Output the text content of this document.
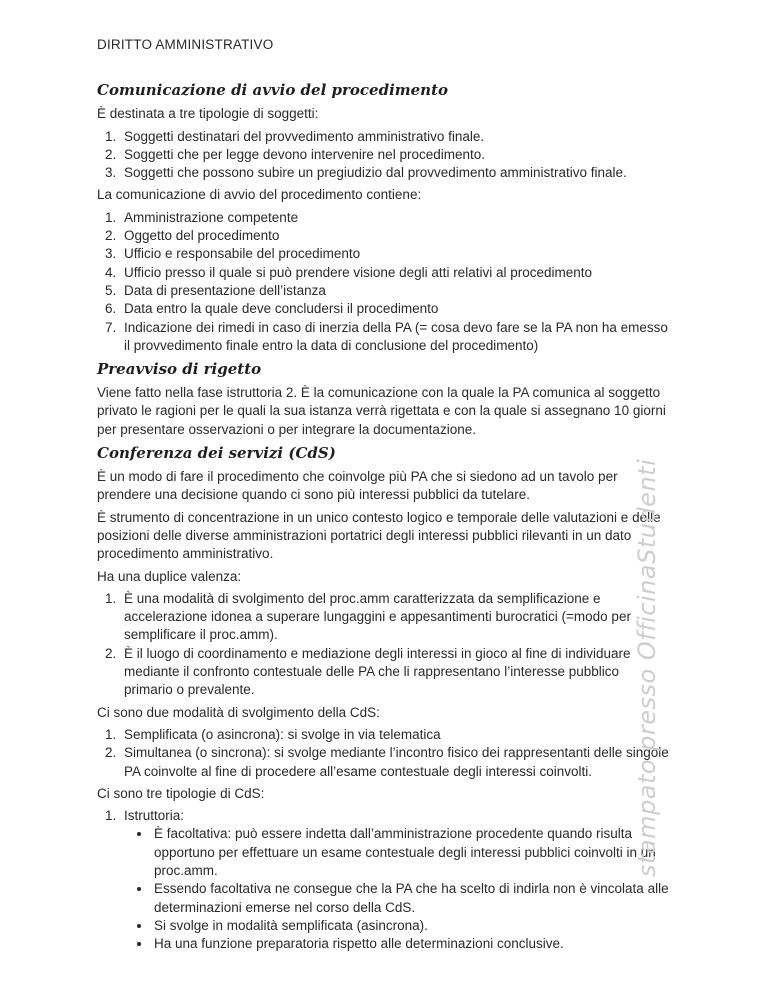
stampato presso OfficinaStudenti
DIRITTO AMMINISTRATIVO
Comunicazione di avvio del procedimento

È destinata a tre tipologie di soggetti:

1. Soggetti destinatari del provvedimento amministrativo finale.
2. Soggetti che per legge devono intervenire nel procedimento.
3. Soggetti che possono subire un pregiudizio dal provvedimento amministrativo finale.

La comunicazione di avvio del procedimento contiene:

1. Amministrazione competente
2. Oggetto del procedimento
3. Ufficio e responsabile del procedimento
4. Ufficio presso il quale si può prendere visione degli atti relativi al procedimento
5. Data di presentazione dell’istanza
6. Data entro la quale deve concludersi il procedimento
7. Indicazione dei rimedi in caso di inerzia della PA (= cosa devo fare se la PA non ha emesso il provvedimento finale entro la data di conclusione del procedimento)
Preavviso di rigetto

Viene fatto nella fase istruttoria 2. È la comunicazione con la quale la PA comunica al soggetto privato le ragioni per le quali la sua istanza verrà rigettata e con la quale si assegnano 10 giorni per presentare osservazioni o per integrare la documentazione.

Conferenza dei servizi (CdS)

È un modo di fare il procedimento che coinvolge più PA che si siedono ad un tavolo per prendere una decisione quando ci sono più interessi pubblici da tutelare.

È strumento di concentrazione in un unico contesto logico e temporale delle valutazioni e delle posizioni delle diverse amministrazioni portatrici degli interessi pubblici rilevanti in un dato procedimento amministrativo.

Ha una duplice valenza:

1. È una modalità di svolgimento del proc.amm caratterizzata da semplificazione e accelerazione idonea a superare lungaggini e appesantimenti burocratici (=modo per semplificare il proc.amm).
2. È il luogo di coordinamento e mediazione degli interessi in gioco al fine di individuare mediante il confronto contestuale delle PA che li rappresentano l’interesse pubblico primario o prevalente.

Ci sono due modalità di svolgimento della CdS:

1. Semplificata (o asincrona): si svolge in via telematica
2. Simultanea (o sincrona): si svolge mediante l’incontro fisico dei rappresentanti delle singole PA coinvolte al fine di procedere all’esame contestuale degli interessi coinvolti.

Ci sono tre tipologie di CdS:

1. Istruttoria:
• È facoltativa: può essere indetta dall’amministrazione procedente quando risulta opportuno per effettuare un esame contestuale degli interessi pubblici coinvolti in un proc.amm.
• Essendo facoltativa ne consegue che la PA che ha scelto di indirla non è vincolata alle determinazioni emerse nel corso della CdS.
• Si svolge in modalità semplificata (asincrona).
• Ha una funzione preparatoria rispetto alle determinazioni conclusive.
